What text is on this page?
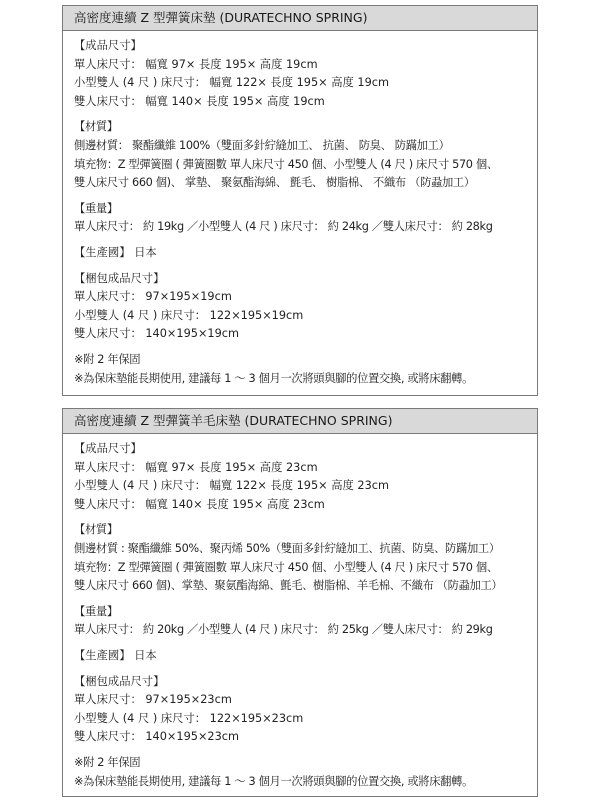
高密度連續 Z 型彈簧床墊 (DURATECHNO SPRING)
【成品尺寸】
單人床尺寸： 幅寬 97× 長度 195× 高度 19cm
小型雙人 (4 尺 ) 床尺寸： 幅寬 122× 長度 195× 高度 19cm
雙人床尺寸： 幅寬 140× 長度 195× 高度 19cm
【材質】
側邊材質： 聚酯纖維 100%（雙面多針紵縫加工、 抗菌、 防臭、 防蹣加工）
填充物：Z 型彈簧圈 ( 彈簧圈數 單人床尺寸 450 個、小型雙人 (4 尺 ) 床尺寸 570 個、
雙人床尺寸 660 個)、 掌墊、 聚氨酯海綿、 氈毛、 樹脂棉、 不織布 （防蝨加工）
【重量】
單人床尺寸： 約 19kg ／小型雙人 (4 尺 ) 床尺寸： 約 24kg ／雙人床尺寸： 約 28kg
【生產國】 日本
【梱包成品尺寸】
單人床尺寸： 97×195×19cm
小型雙人 (4 尺 ) 床尺寸： 122×195×19cm
雙人床尺寸： 140×195×19cm
※附 2 年保固
※為保床墊能長期使用, 建議每 1 ～ 3 個月一次將頭與腳的位置交換, 或將床翻轉。
高密度連續 Z 型彈簧羊毛床墊 (DURATECHNO SPRING)
【成品尺寸】
單人床尺寸： 幅寬 97× 長度 195× 高度 23cm
小型雙人 (4 尺 ) 床尺寸： 幅寬 122× 長度 195× 高度 23cm
雙人床尺寸： 幅寬 140× 長度 195× 高度 23cm
【材質】
側邊材質 : 聚酯纖維 50%、聚丙烯 50%（雙面多針紵縫加工、抗菌、防臭、防蹣加工）
填充物：Z 型彈簧圈 ( 彈簧圈數 單人床尺寸 450 個、小型雙人 (4 尺 ) 床尺寸 570 個、
雙人床尺寸 660 個)、掌墊、聚氨酯海綿、氈毛、樹脂棉、羊毛棉、不織布 （防蝨加工）
【重量】
單人床尺寸： 約 20kg ／小型雙人 (4 尺 ) 床尺寸： 約 25kg ／雙人床尺寸： 約 29kg
【生產國】 日本
【梱包成品尺寸】
單人床尺寸： 97×195×23cm
小型雙人 (4 尺 ) 床尺寸： 122×195×23cm
雙人床尺寸： 140×195×23cm
※附 2 年保固
※為保床墊能長期使用, 建議每 1 ～ 3 個月一次將頭與腳的位置交換, 或將床翻轉。
